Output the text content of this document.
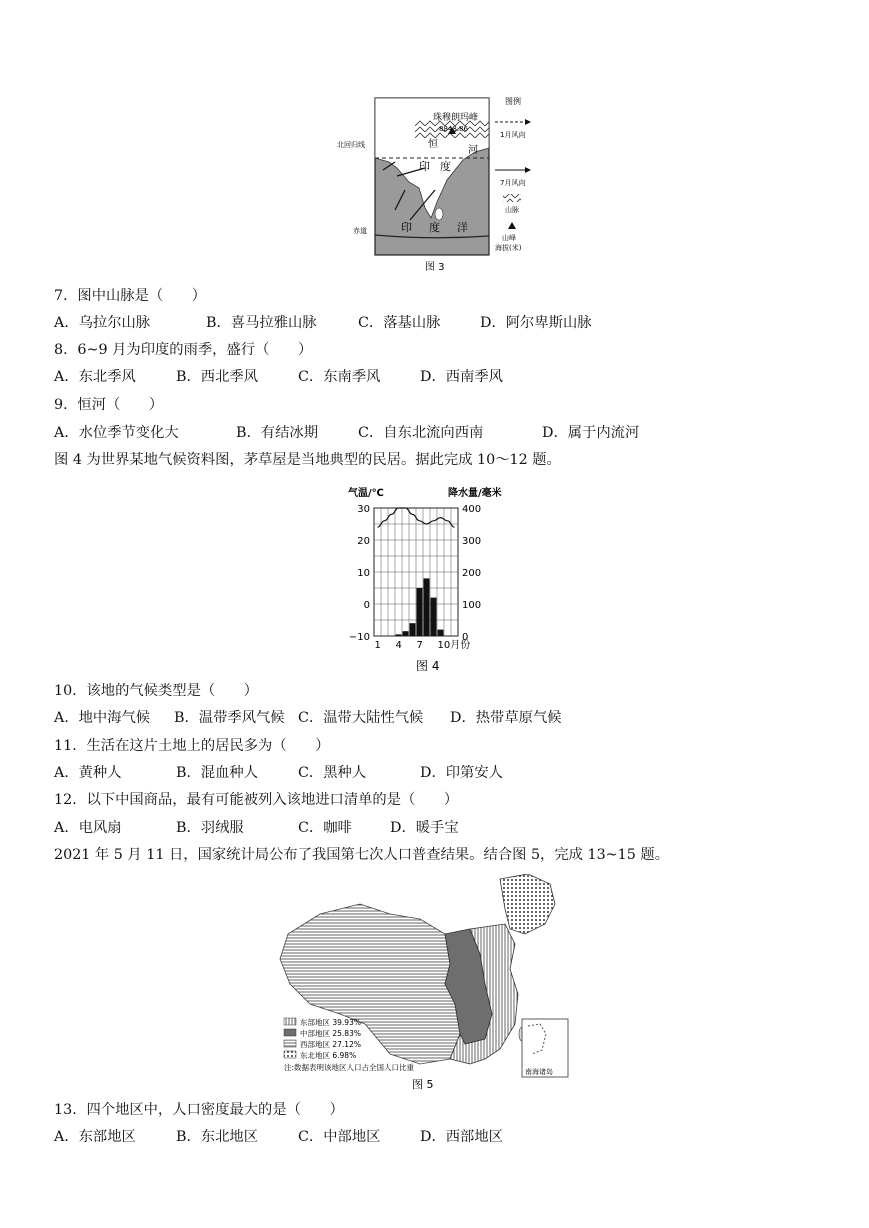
珠穆朗玛峰
8848.86
恒
河
印 度
印 度 洋
北回归线
赤道
图例
1月风向
7月风向
山脉
山峰
海拔(米)
图 3
7．图中山脉是（　　）
A．乌拉尔山脉	B．喜马拉雅山脉	C．落基山脉	D．阿尔卑斯山脉
8．6~9 月为印度的雨季，盛行（　　）
A．东北季风	B．西北季风	C．东南季风	D．西南季风
9．恒河（　　）
A．水位季节变化大	B．有结冰期	C．自东北流向西南	D．属于内流河
图 4 为世界某地气候资料图，茅草屋是当地典型的民居。据此完成 10～12 题。
气温/℃	降水量/毫米
30
20
10
0
−10
400
300
200
100
0
1 4 7 10月份
图 4
10．该地的气候类型是（　　）
A．地中海气候 B．温带季风气候 C．温带大陆性气候 D．热带草原气候
11．生活在这片土地上的居民多为（　　）
A．黄种人	B．混血种人	C．黑种人	D．印第安人
12．以下中国商品，最有可能被列入该地进口清单的是（　　）
A．电风扇	B．羽绒服	C．咖啡	D．暖手宝
2021 年 5 月 11 日，国家统计局公布了我国第七次人口普查结果。结合图 5，完成 13~15 题。
东部地区 39.93%
中部地区 25.83%
西部地区 27.12%
东北地区 6.98%
注:数据表明该地区人口占全国人口比重	南海诸岛
图 5
13．四个地区中，人口密度最大的是（　　）
A．东部地区	B．东北地区	C．中部地区	D．西部地区
